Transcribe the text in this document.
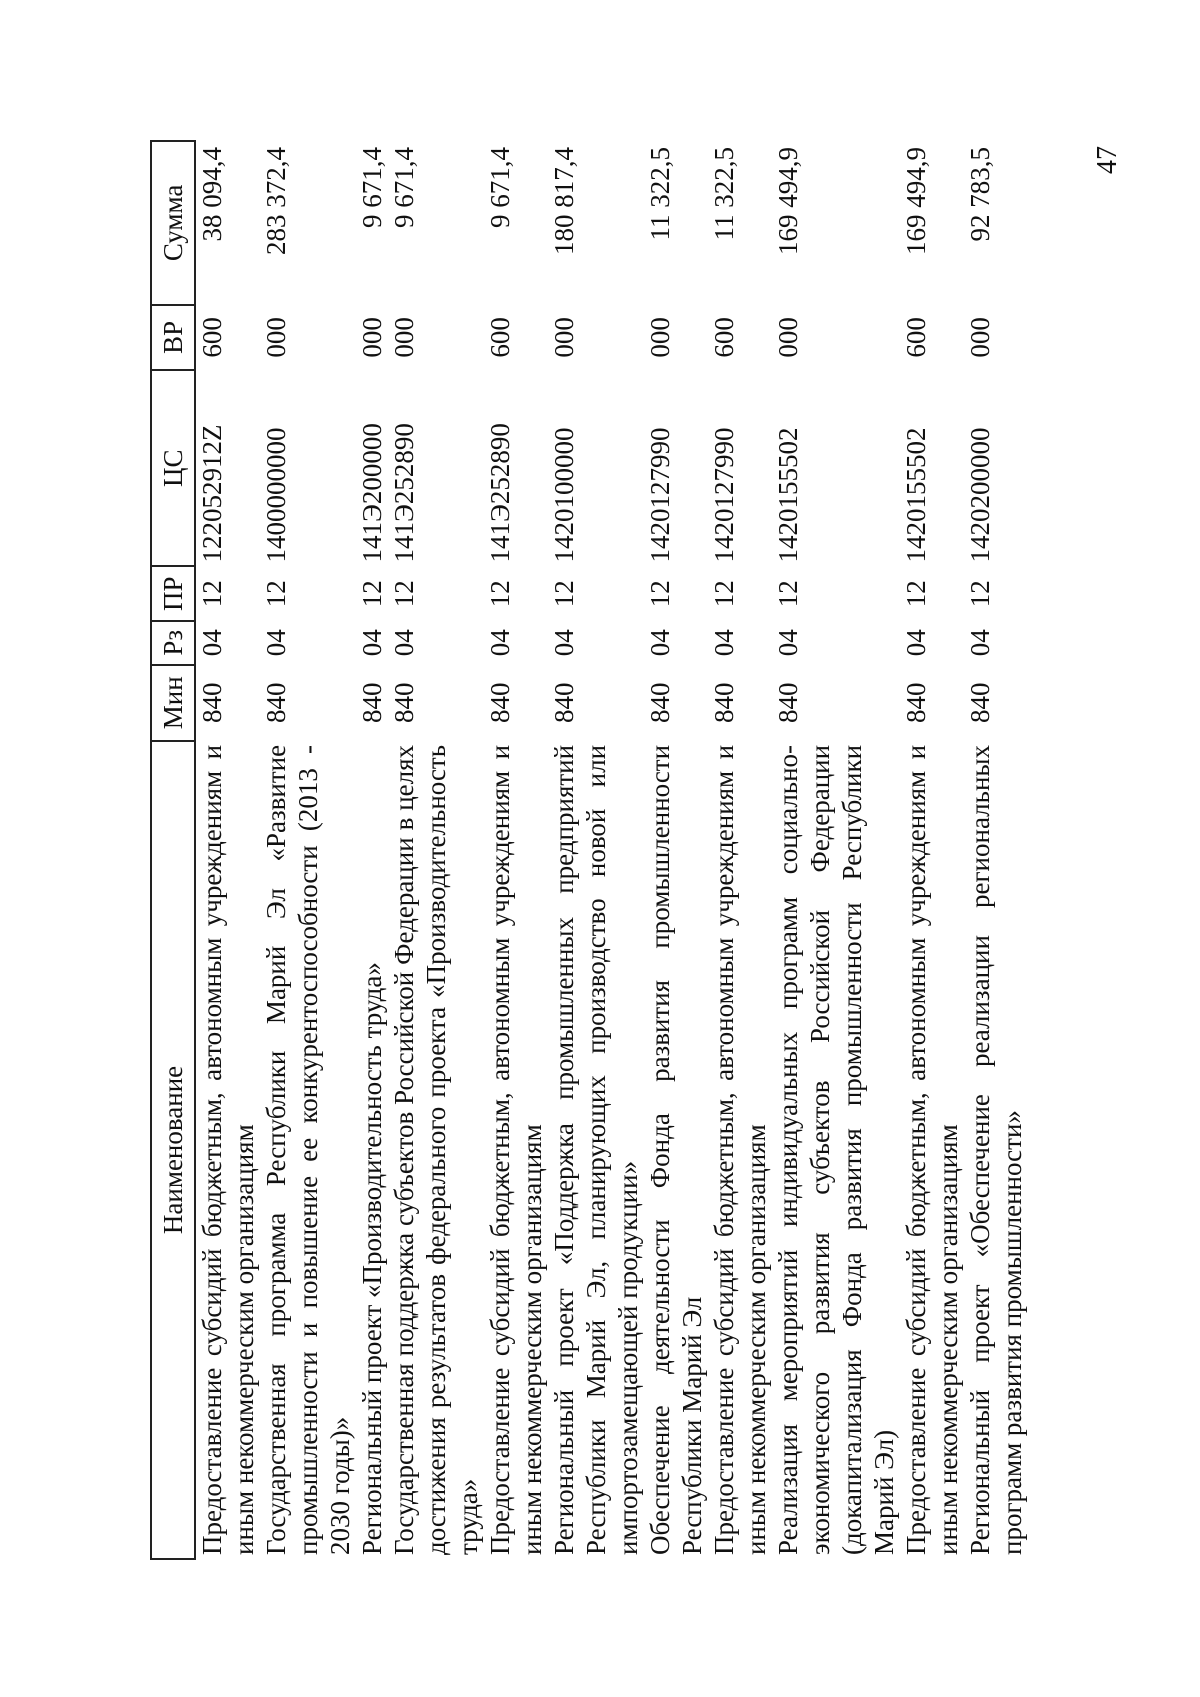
47
Наименование	Мин	Рз	ПР	ЦС	ВР	Сумма
Предоставление субсидий бюджетным, автономным учреждениям и иным некоммерческим организациям	840	04	12	122052912Z	600	38 094,4
Государственная программа Республики Марий Эл «Развитие промышленности и повышение ее конкурентоспособности (2013 - 2030 годы)»	840	04	12	1400000000	000	283 372,4
Региональный проект «Производительность труда»	840	04	12	141Э200000	000	9 671,4
Государственная поддержка субъектов Российской Федерации в целях достижения результатов федерального проекта «Производительность труда»	840	04	12	141Э252890	000	9 671,4
Предоставление субсидий бюджетным, автономным учреждениям и иным некоммерческим организациям	840	04	12	141Э252890	600	9 671,4
Региональный проект «Поддержка промышленных предприятий Республики Марий Эл, планирующих производство новой или импортозамещающей продукции»	840	04	12	1420100000	000	180 817,4
Обеспечение деятельности Фонда развития промышленности Республики Марий Эл	840	04	12	1420127990	000	11 322,5
Предоставление субсидий бюджетным, автономным учреждениям и иным некоммерческим организациям	840	04	12	1420127990	600	11 322,5
Реализация мероприятий индивидуальных программ социально-экономического развития субъектов Российской Федерации (докапитализация Фонда развития промышленности Республики Марий Эл)	840	04	12	1420155502	000	169 494,9
Предоставление субсидий бюджетным, автономным учреждениям и иным некоммерческим организациям	840	04	12	1420155502	600	169 494,9
Региональный проект «Обеспечение реализации региональных программ развития промышленности»	840	04	12	1420200000	000	92 783,5
